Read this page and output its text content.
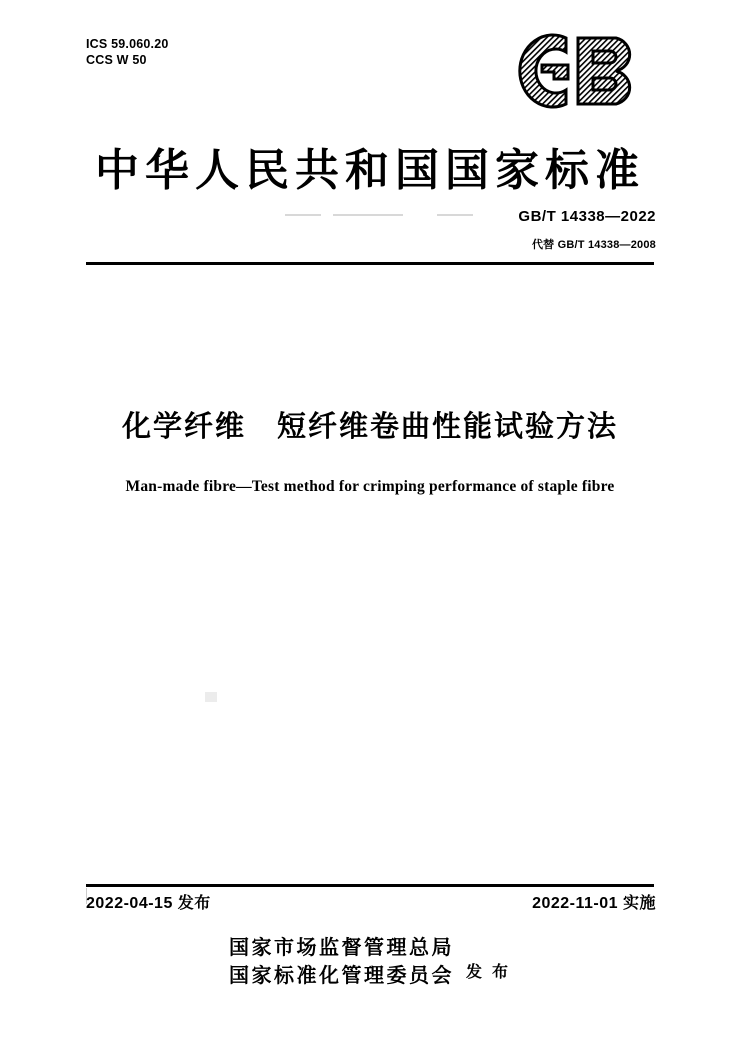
ICS 59.060.20
CCS W 50
中华人民共和国国家标准
GB/T 14338—2022
代替 GB/T 14338—2008
化学纤维　短纤维卷曲性能试验方法
Man-made fibre—Test method for crimping performance of staple fibre
2022-04-15 发布	2022-11-01 实施
国家市场监督管理总局
国家标准化管理委员会 发 布
